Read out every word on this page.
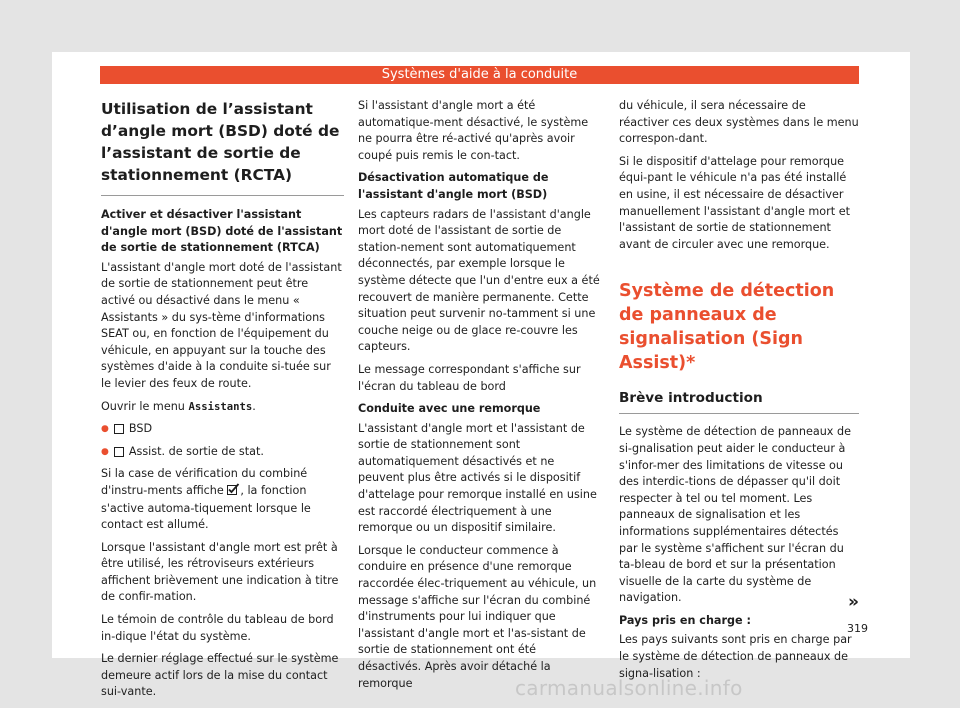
Systèmes d'aide à la conduite
Utilisation de l’assistant d’angle mort (BSD) doté de l’assistant de sortie de stationnement (RCTA)

Activer et désactiver l'assistant d'angle mort (BSD) doté de l'assistant de sortie de stationnement (RTCA)

L'assistant d'angle mort doté de l'assistant de sortie de stationnement peut être activé ou désactivé dans le menu « Assistants » du sys-tème d'informations SEAT ou, en fonction de l'équipement du véhicule, en appuyant sur la touche des systèmes d'aide à la conduite si-tuée sur le levier des feux de route.

Ouvrir le menu Assistants.

● BSD
● Assist. de sortie de stat.

Si la case de vérification du combiné d'instru-ments affiche , la fonction s'active automa-tiquement lorsque le contact est allumé.

Lorsque l'assistant d'angle mort est prêt à être utilisé, les rétroviseurs extérieurs affichent brièvement une indication à titre de confir-mation.

Le témoin de contrôle du tableau de bord in-dique l'état du système.

Le dernier réglage effectué sur le système demeure actif lors de la mise du contact sui-vante.

Si l'assistant d'angle mort a été automatique-ment désactivé, le système ne pourra être ré-activé qu'après avoir coupé puis remis le con-tact.

Désactivation automatique de l'assistant d'angle mort (BSD)

Les capteurs radars de l'assistant d'angle mort doté de l'assistant de sortie de station-nement sont automatiquement déconnectés, par exemple lorsque le système détecte que l'un d'entre eux a été recouvert de manière permanente. Cette situation peut survenir no-tamment si une couche neige ou de glace re-couvre les capteurs.

Le message correspondant s'affiche sur l'écran du tableau de bord

Conduite avec une remorque

L'assistant d'angle mort et l'assistant de sortie de stationnement sont automatiquement désactivés et ne peuvent plus être activés si le dispositif d'attelage pour remorque installé en usine est raccordé électriquement à une remorque ou un dispositif similaire.

Lorsque le conducteur commence à conduire en présence d'une remorque raccordée élec-triquement au véhicule, un message s'affiche sur l'écran du combiné d'instruments pour lui indiquer que l'assistant d'angle mort et l'as-sistant de sortie de stationnement ont été désactivés. Après avoir détaché la remorque

du véhicule, il sera nécessaire de réactiver ces deux systèmes dans le menu correspon-dant.

Si le dispositif d'attelage pour remorque équi-pant le véhicule n'a pas été installé en usine, il est nécessaire de désactiver manuellement l'assistant d'angle mort et l'assistant de sortie de stationnement avant de circuler avec une remorque.

Système de détection de panneaux de signalisation (Sign Assist)*
Brève introduction

Le système de détection de panneaux de si-gnalisation peut aider le conducteur à s'infor-mer des limitations de vitesse ou des interdic-tions de dépasser qu'il doit respecter à tel ou tel moment. Les panneaux de signalisation et les informations supplémentaires détectés par le système s'affichent sur l'écran du ta-bleau de bord et sur la présentation visuelle de la carte du système de navigation.

Pays pris en charge :

Les pays suivants sont pris en charge par le système de détection de panneaux de signa-lisation :

»
319
carmanualsonline.info
